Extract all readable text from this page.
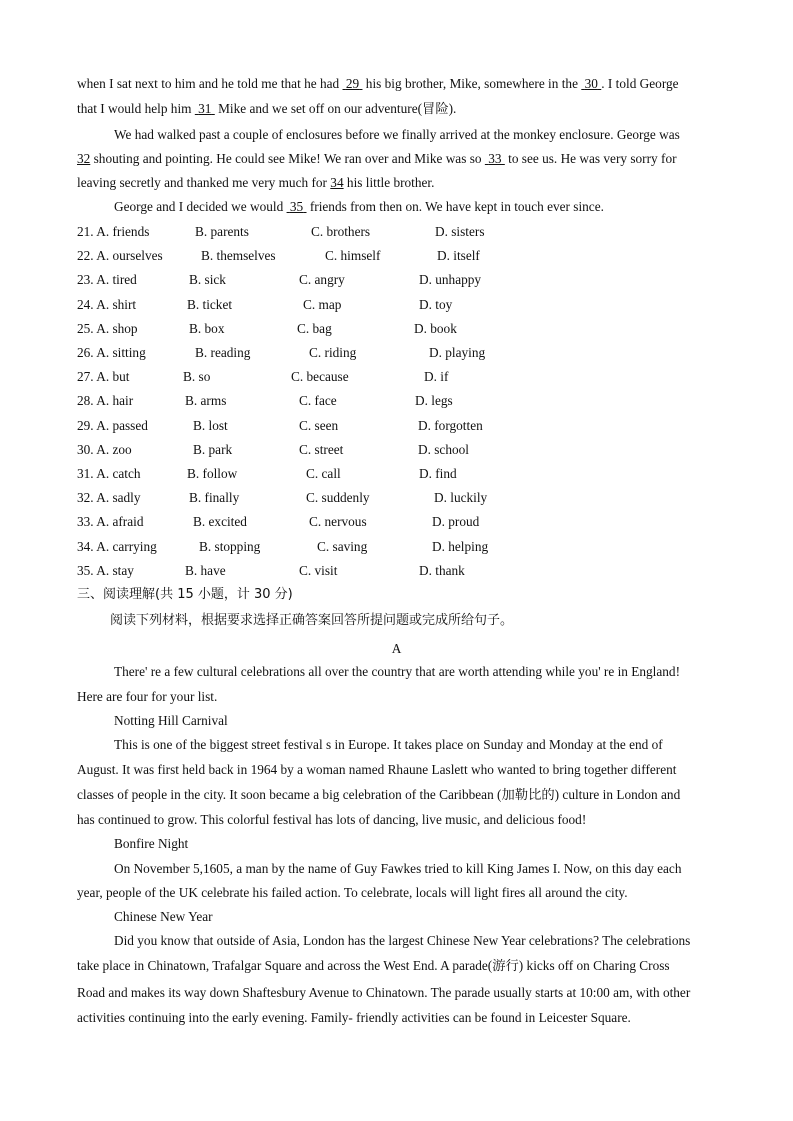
when I sat next to him and he told me that he had  29  his big brother, Mike, somewhere in the  30 . I told George
that I would help him  31  Mike and we set off on our adventure(冒险).
We had walked past a couple of enclosures before we finally arrived at the monkey enclosure. George was
32 shouting and pointing. He could see Mike! We ran over and Mike was so  33  to see us. He was very sorry for
leaving secretly and thanked me very much for 34 his little brother.
George and I decided we would  35  friends from then on. We have kept in touch ever since.
21. A. friends	B. parents	C. brothers	D. sisters
22. A. ourselves	B. themselves	C. himself	D. itself
23. A. tired	B. sick	C. angry	D. unhappy
24. A. shirt	B. ticket	C. map	D. toy
25. A. shop	B. box	C. bag	D. book
26. A. sitting	B. reading	C. riding	D. playing
27. A. but	B. so	C. because	D. if
28. A. hair	B. arms	C. face	D. legs
29. A. passed	B. lost	C. seen	D. forgotten
30. A. zoo	B. park	C. street	D. school
31. A. catch	B. follow	C. call	D. find
32. A. sadly	B. finally	C. suddenly	D. luckily
33. A. afraid	B. excited	C. nervous	D. proud
34. A. carrying	B. stopping	C. saving	D. helping
35. A. stay	B. have	C. visit	D. thank
三、阅读理解(共 15 小题，计 30 分)
阅读下列材料，根据要求选择正确答案回答所提问题或完成所给句子。
A
There' re a few cultural celebrations all over the country that are worth attending while you' re in England!
Here are four for your list.
Notting Hill Carnival
This is one of the biggest street festival s in Europe. It takes place on Sunday and Monday at the end of
August. It was first held back in 1964 by a woman named Rhaune Laslett who wanted to bring together different
classes of people in the city. It soon became a big celebration of the Caribbean (加勒比的) culture in London and
has continued to grow. This colorful festival has lots of dancing, live music, and delicious food!
Bonfire Night
On November 5,1605, a man by the name of Guy Fawkes tried to kill King James I. Now, on this day each
year, people of the UK celebrate his failed action. To celebrate, locals will light fires all around the city.
Chinese New Year
Did you know that outside of Asia, London has the largest Chinese New Year celebrations? The celebrations
take place in Chinatown, Trafalgar Square and across the West End. A parade(游行) kicks off on Charing Cross
Road and makes its way down Shaftesbury Avenue to Chinatown. The parade usually starts at 10:00 am, with other
activities continuing into the early evening. Family- friendly activities can be found in Leicester Square.
